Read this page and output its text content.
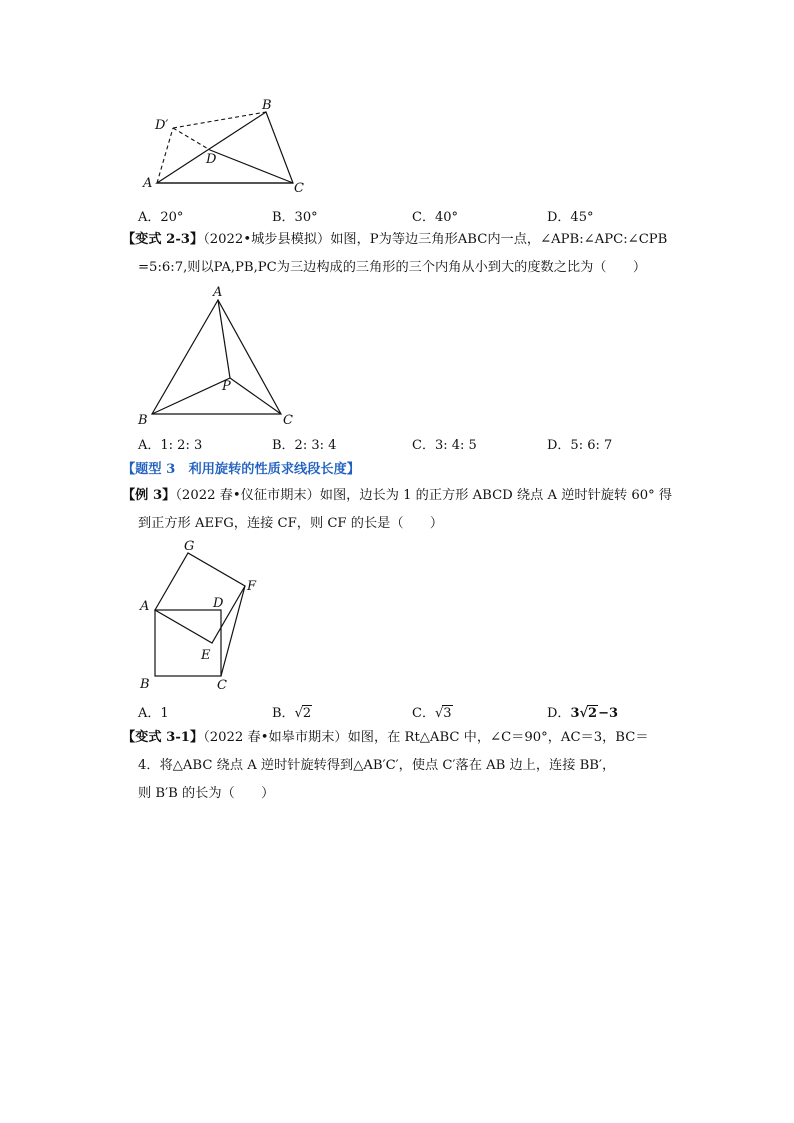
A
B
C
D
D′
A．20°	B．30°	C．40°	D．45°
【变式 2-3】（2022•城步县模拟）如图，P为等边三角形ABC内一点，∠APB:∠APC:∠CPB
=5:6:7,则以PA,PB,PC为三边构成的三角形的三个内角从小到大的度数之比为（　　）
A
B	C
P
A．1: 2: 3	B．2: 3: 4	C．3: 4: 5	D．5: 6: 7
【题型 3　利用旋转的性质求线段长度】
【例 3】（2022 春•仪征市期末）如图，边长为 1 的正方形 ABCD 绕点 A 逆时针旋转 60° 得
到正方形 AEFG，连接 CF，则 CF 的长是（　　）
A
B	C
D
E
F
G
A．1	B．√2	C．√3	D．3√2−3
【变式 3-1】（2022 春•如皋市期末）如图，在 Rt△ABC 中，∠C＝90°，AC＝3，BC＝
4．将△ABC 绕点 A 逆时针旋转得到△AB′C′，使点 C′落在 AB 边上，连接 BB′，
则 B′B 的长为（　　）
